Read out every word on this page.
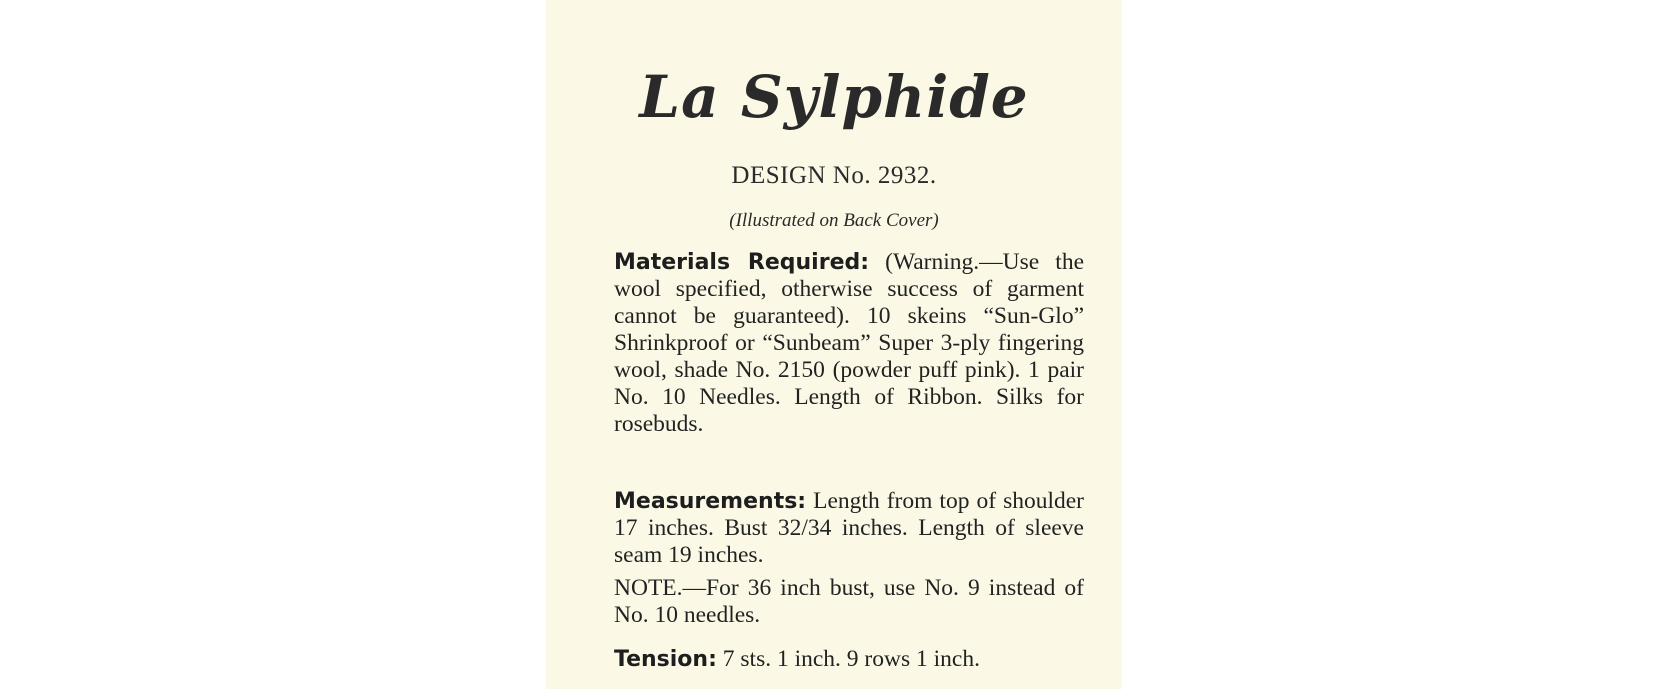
La Sylphide
DESIGN No. 2932.
(Illustrated on Back Cover)

Materials Required: (Warning.—Use the wool specified, otherwise success of garment cannot be guaranteed). 10 skeins “Sun-Glo” Shrinkproof or “Sunbeam” Super 3-ply fingering wool, shade No. 2150 (powder puff pink). 1 pair No. 10 Needles. Length of Ribbon. Silks for rosebuds.

Measurements: Length from top of shoulder 17 inches. Bust 32/34 inches. Length of sleeve seam 19 inches.

NOTE.—For 36 inch bust, use No. 9 instead of No. 10 needles.

Tension: 7 sts. 1 inch. 9 rows 1 inch.
